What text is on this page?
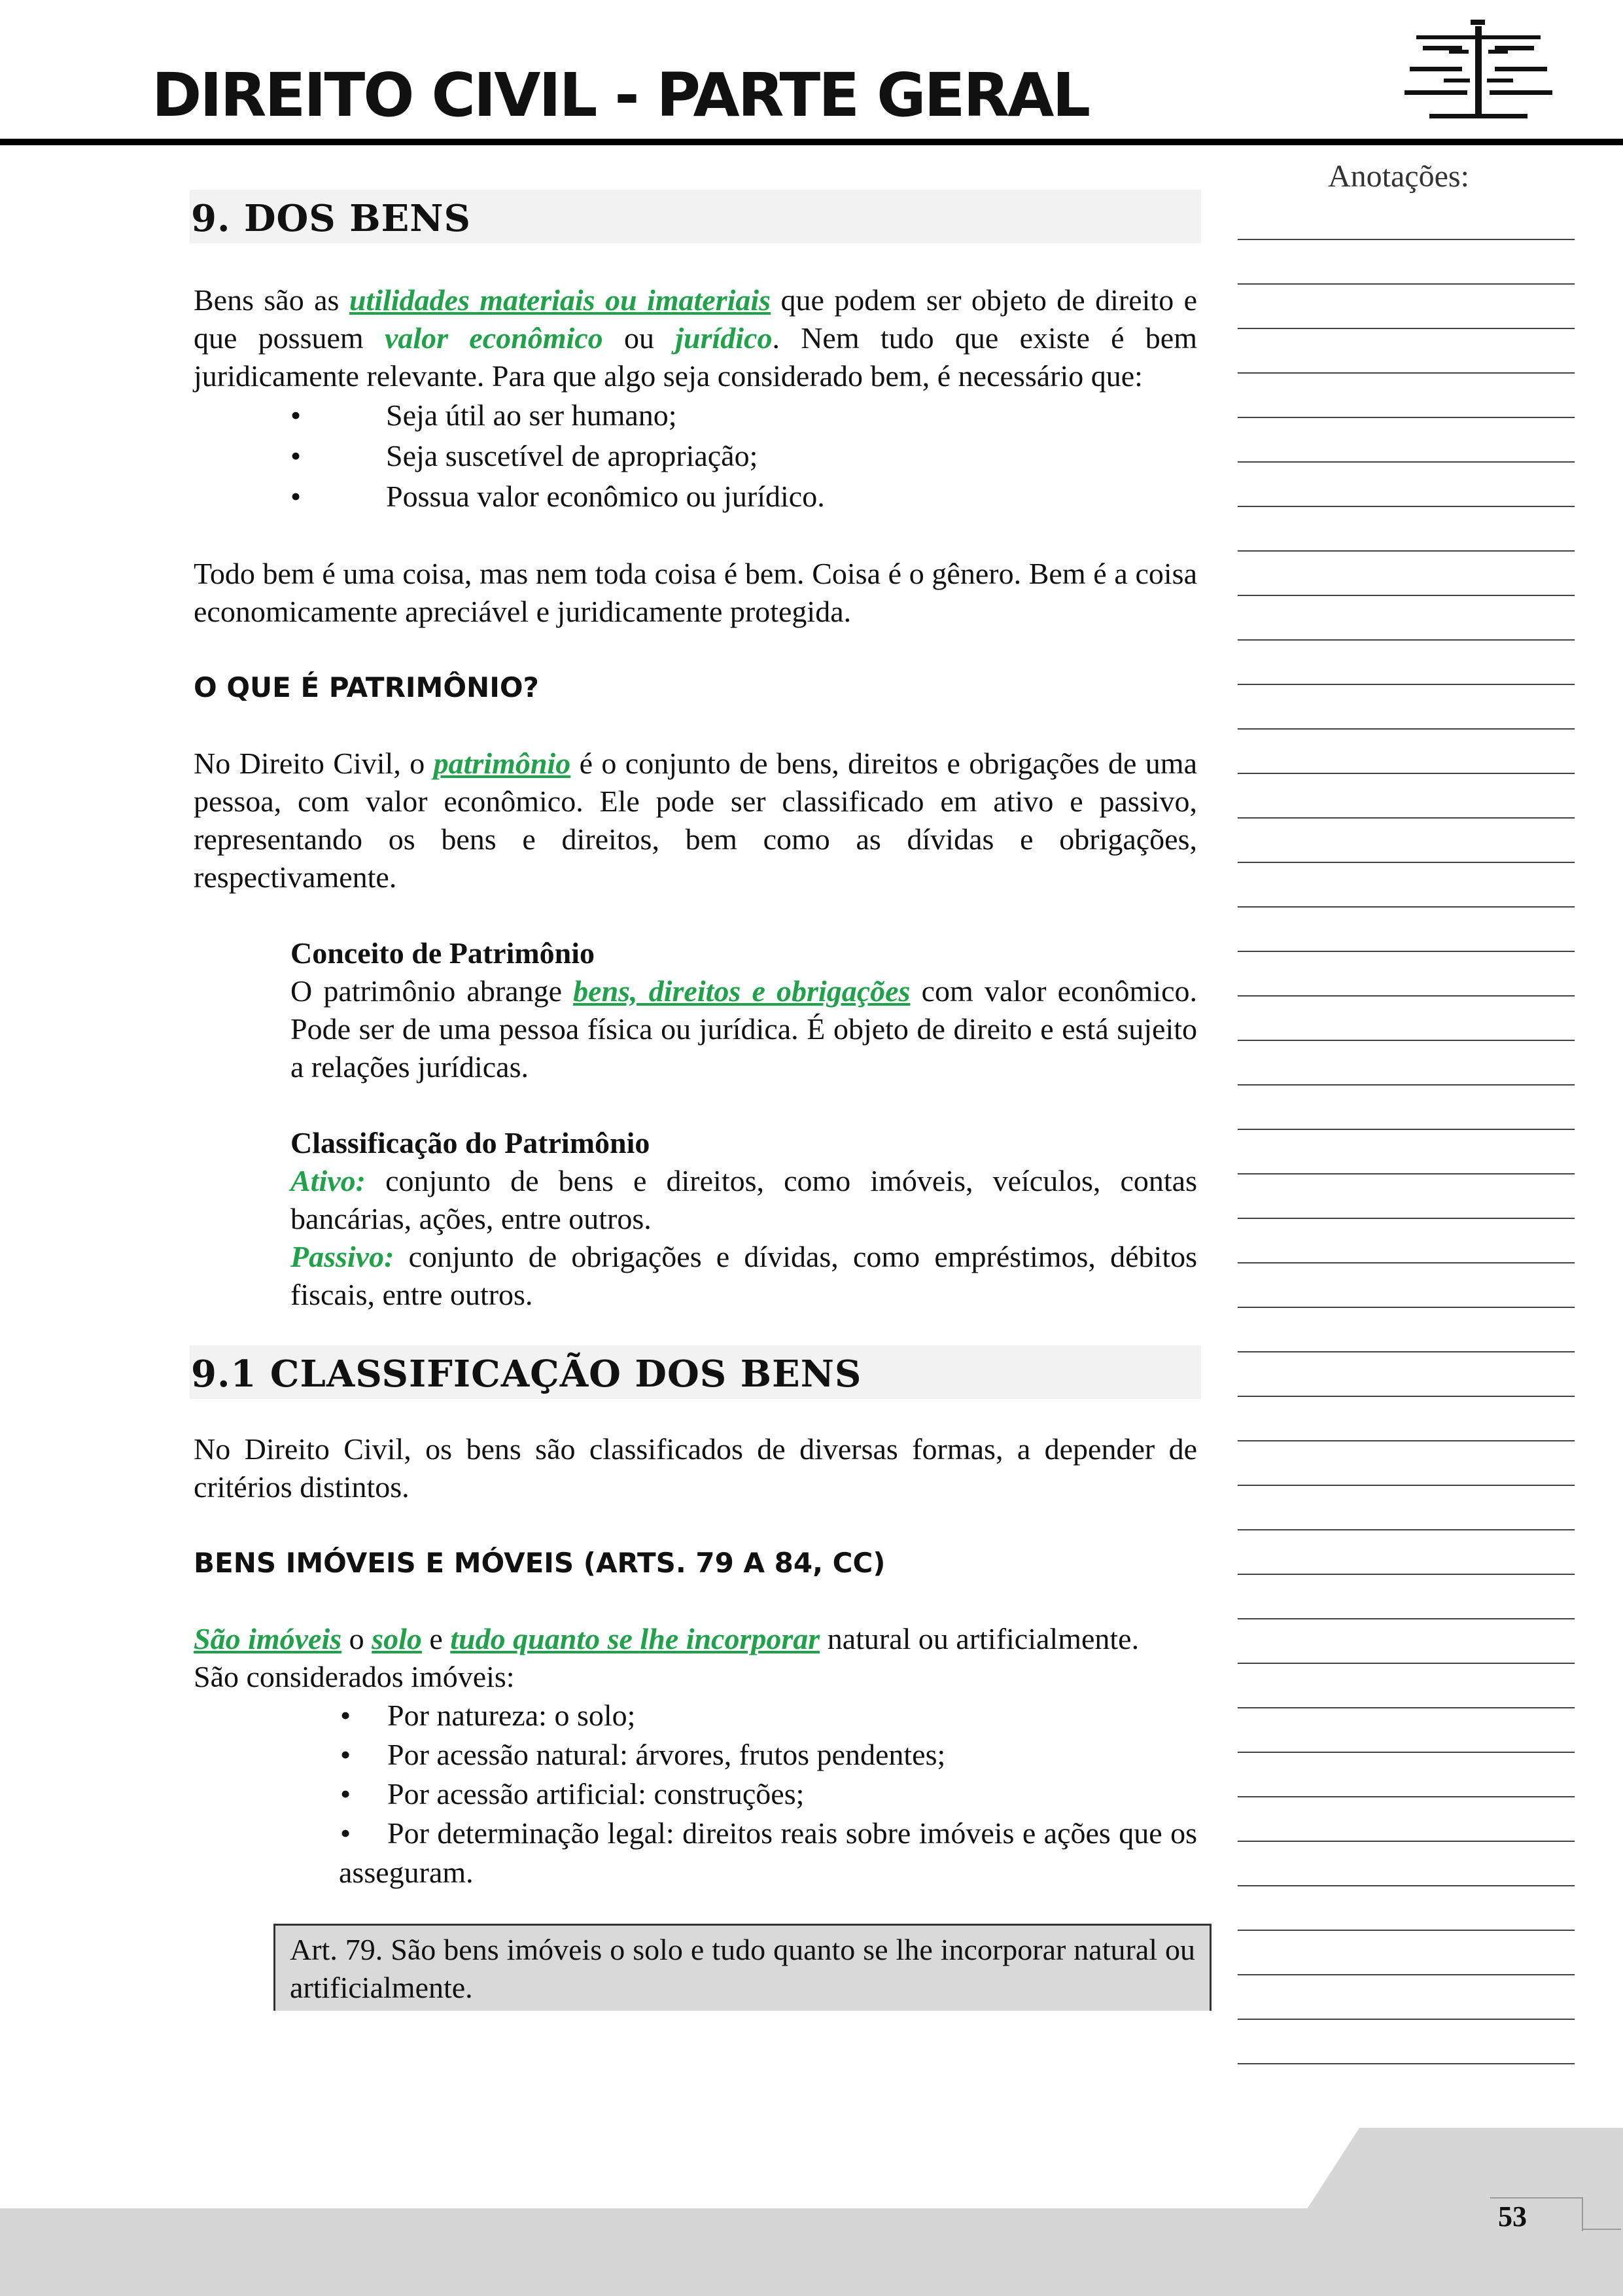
DIREITO CIVIL - PARTE GERAL
Anotações:
9. DOS BENS

Bens são as utilidades materiais ou imateriais que podem ser objeto de direito e que possuem valor econômico ou jurídico. Nem tudo que existe é bem juridicamente relevante. Para que algo seja considerado bem, é necessário que:

• Seja útil ao ser humano;
• Seja suscetível de apropriação;
• Possua valor econômico ou jurídico.

Todo bem é uma coisa, mas nem toda coisa é bem. Coisa é o gênero. Bem é a coisa economicamente apreciável e juridicamente protegida.

O QUE É PATRIMÔNIO?

No Direito Civil, o patrimônio é o conjunto de bens, direitos e obrigações de uma pessoa, com valor econômico. Ele pode ser classificado em ativo e passivo, representando os bens e direitos, bem como as dívidas e obrigações, respectivamente.

Conceito de Patrimônio

O patrimônio abrange bens, direitos e obrigações com valor econômico. Pode ser de uma pessoa física ou jurídica. É objeto de direito e está sujeito a relações jurídicas.

Classificação do Patrimônio

Ativo: conjunto de bens e direitos, como imóveis, veículos, contas bancárias, ações, entre outros.

Passivo: conjunto de obrigações e dívidas, como empréstimos, débitos fiscais, entre outros.

9.1 CLASSIFICAÇÃO DOS BENS

No Direito Civil, os bens são classificados de diversas formas, a depender de critérios distintos.

BENS IMÓVEIS E MÓVEIS (ARTS. 79 A 84, CC)

São imóveis o solo e tudo quanto se lhe incorporar natural ou artificialmente.

São considerados imóveis:

• Por natureza: o solo;
• Por acessão natural: árvores, frutos pendentes;
• Por acessão artificial: construções;
• Por determinação legal: direitos reais sobre imóveis e ações que os asseguram.

Art. 79. São bens imóveis o solo e tudo quanto se lhe incorporar natural ou artificialmente.

53
